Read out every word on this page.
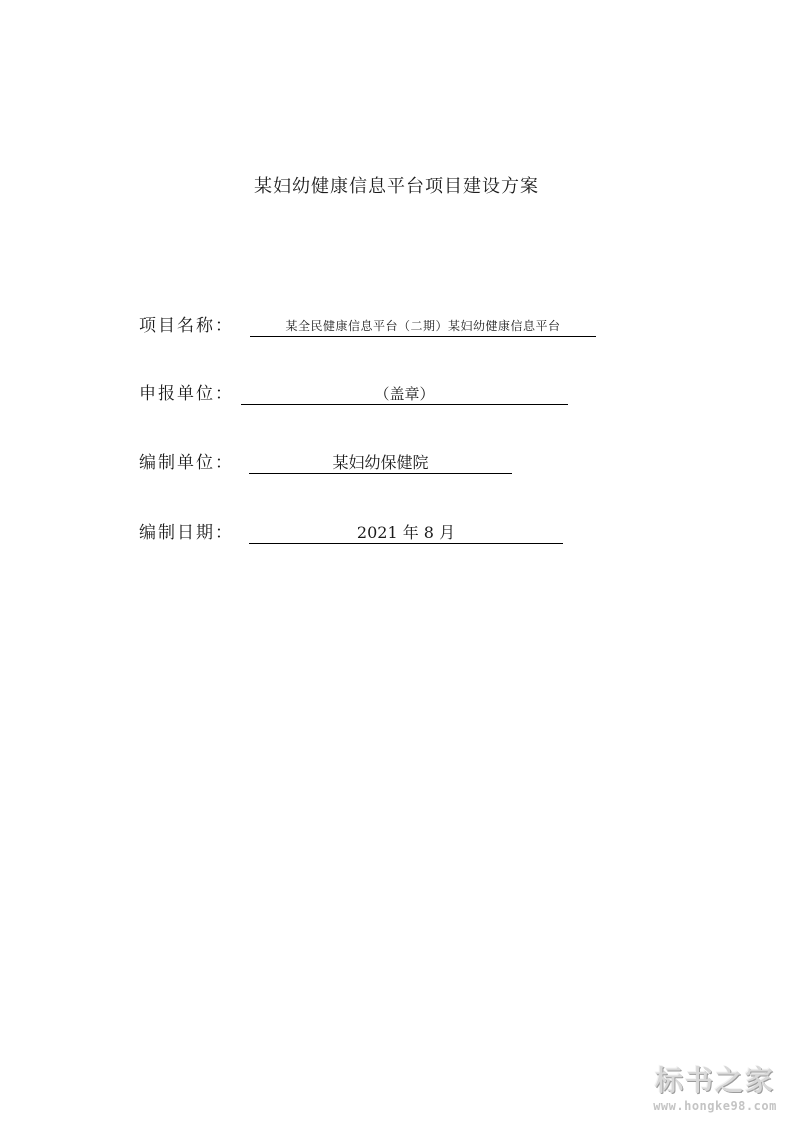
某妇幼健康信息平台项目建设方案
项目名称：	某全民健康信息平台（二期）某妇幼健康信息平台
申报单位：	（盖章）
编制单位：	某妇幼保健院
编制日期：	2021 年 8 月
标书之家
www.hongke98.com
